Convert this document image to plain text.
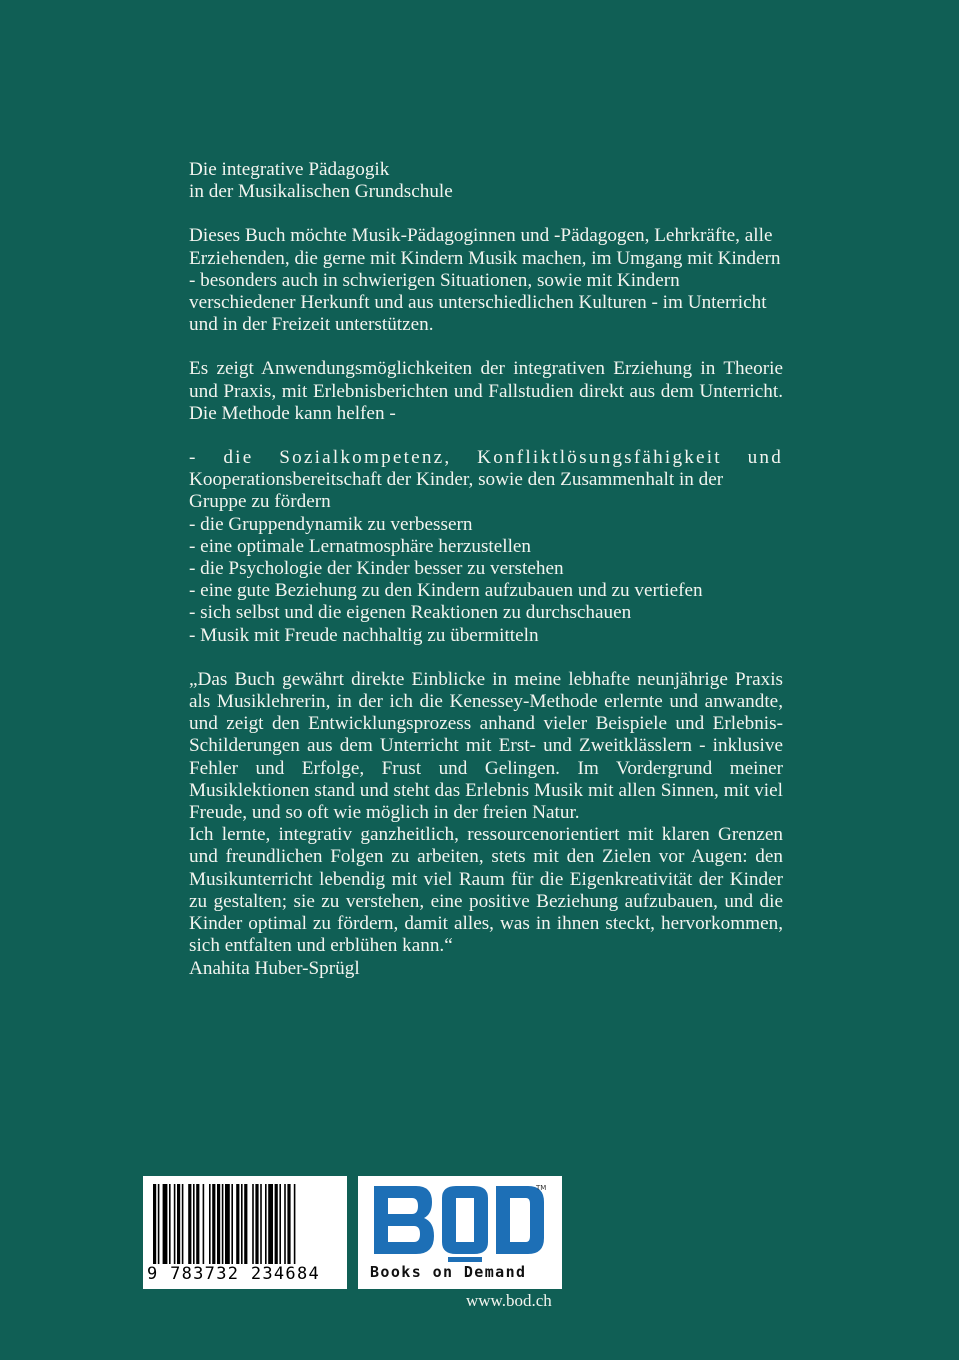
Die integrative Pädagogik
in der Musikalischen Grundschule

Dieses Buch möchte Musik-Pädagoginnen und -Pädagogen, Lehrkräfte, alle Erziehenden, die gerne mit Kindern Musik machen, im Umgang mit Kindern - besonders auch in schwierigen Situationen, sowie mit Kindern verschiedener Herkunft und aus unterschiedlichen Kulturen - im Unterricht und in der Freizeit unterstützen.

Es zeigt Anwendungsmöglichkeiten der integrativen Erziehung in Theorie und Praxis, mit Erlebnisberichten und Fallstudien direkt aus dem Unterricht. Die Methode kann helfen -

- die Sozialkompetenz, Konfliktlösungsfähigkeit und
Kooperationsbereitschaft der Kinder, sowie den Zusammenhalt in der Gruppe zu fördern
- die Gruppendynamik zu verbessern
- eine optimale Lernatmosphäre herzustellen
- die Psychologie der Kinder besser zu verstehen
- eine gute Beziehung zu den Kindern aufzubauen und zu vertiefen
- sich selbst und die eigenen Reaktionen zu durchschauen
- Musik mit Freude nachhaltig zu übermitteln

„Das Buch gewährt direkte Einblicke in meine lebhafte neunjährige Praxis als Musiklehrerin, in der ich die Kenessey-Methode erlernte und anwandte, und zeigt den Entwicklungsprozess anhand vieler Beispiele und Erlebnis-Schilderungen aus dem Unterricht mit Erst- und Zweitklässlern - inklusive Fehler und Erfolge, Frust und Gelingen. Im Vordergrund meiner Musiklektionen stand und steht das Erlebnis Musik mit allen Sinnen, mit viel Freude, und so oft wie möglich in der freien Natur.

Ich lernte, integrativ ganzheitlich, ressourcenorientiert mit klaren Grenzen und freundlichen Folgen zu arbeiten, stets mit den Zielen vor Augen: den Musikunterricht lebendig mit viel Raum für die Eigenkreativität der Kinder zu gestalten; sie zu verstehen, eine positive Beziehung aufzubauen, und die Kinder optimal zu fördern, damit alles, was in ihnen steckt, hervorkommen, sich entfalten und erblühen kann.“

Anahita Huber-Sprügl
9 783732 234684
TM
Books on Demand
www.bod.ch
